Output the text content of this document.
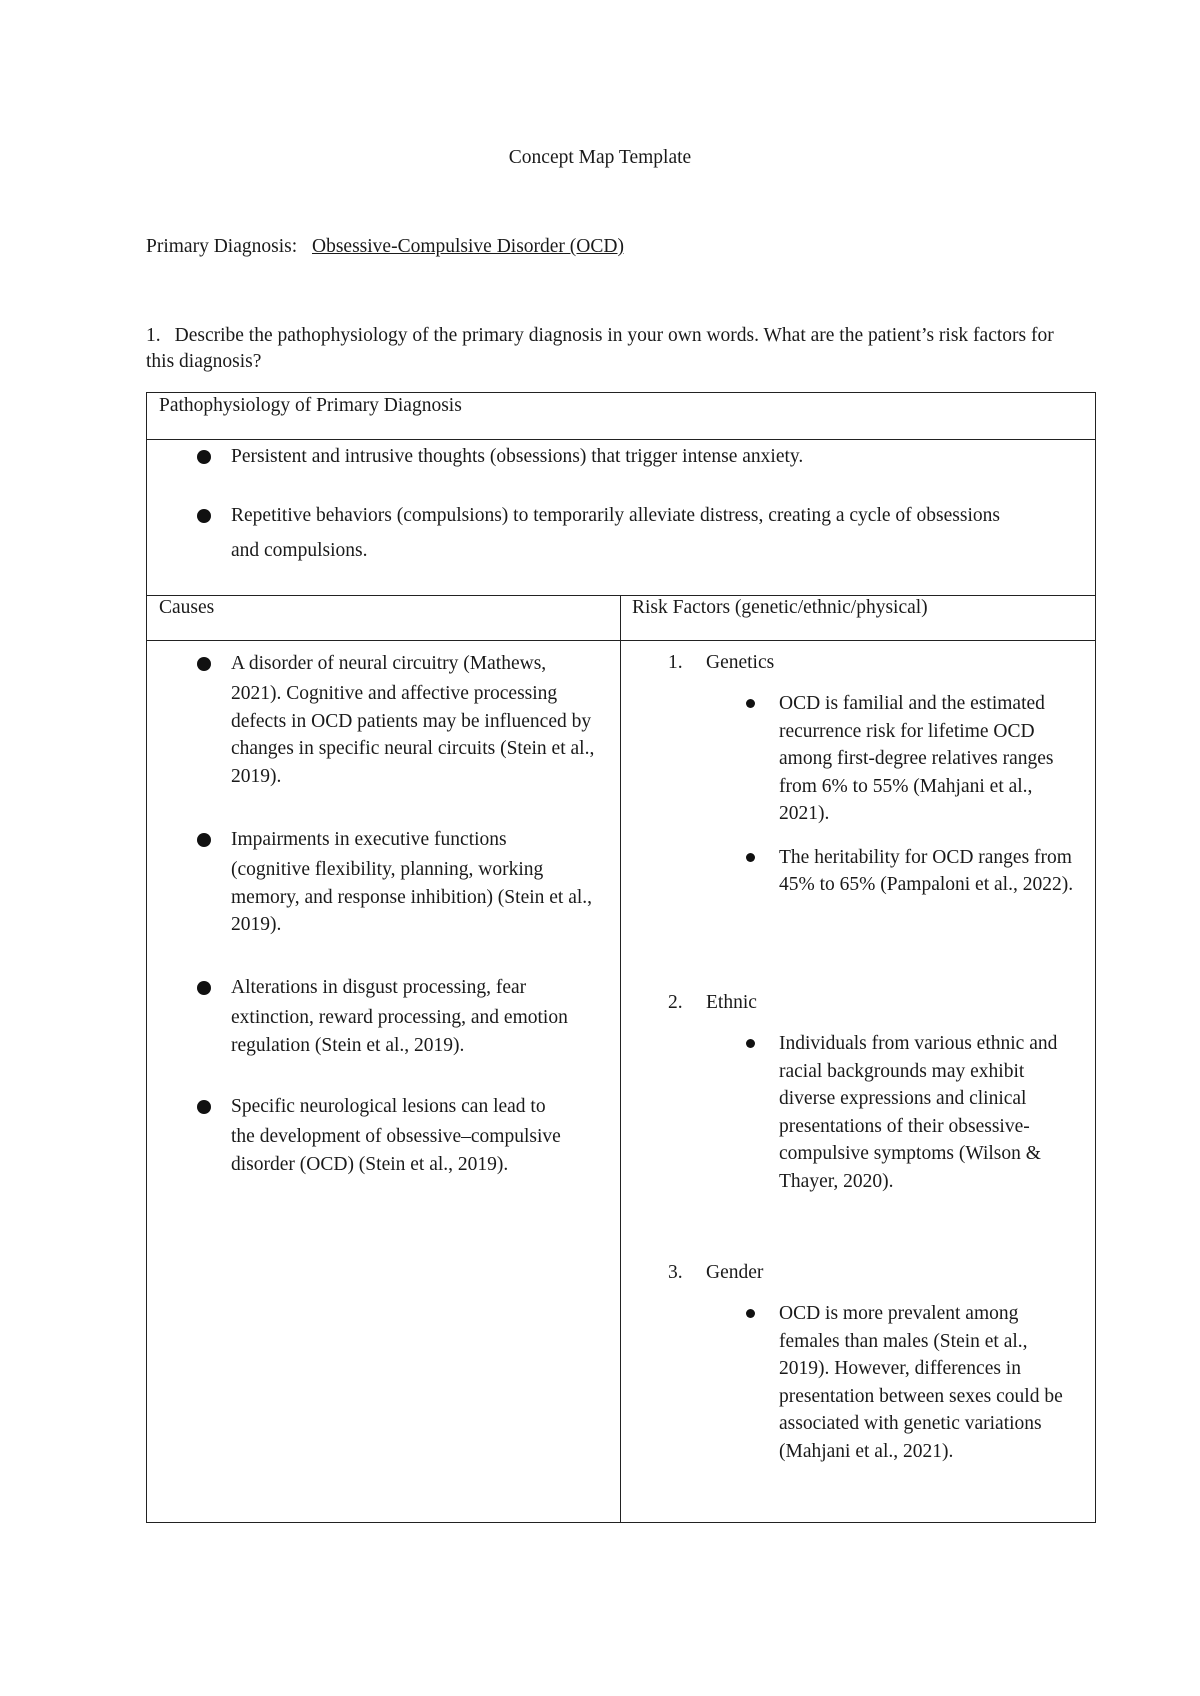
Concept Map Template
Primary Diagnosis: Obsessive-Compulsive Disorder (OCD)
1. Describe the pathophysiology of the primary diagnosis in your own words. What are the patient’s risk factors for this diagnosis?
Pathophysiology of Primary Diagnosis
Persistent and intrusive thoughts (obsessions) that trigger intense anxiety.
Repetitive behaviors (compulsions) to temporarily alleviate distress, creating a cycle of obsessions and compulsions.
Causes	Risk Factors (genetic/ethnic/physical)
A disorder of neural circuitry (Mathews,
2021). Cognitive and affective processing defects in OCD patients may be influenced by changes in specific neural circuits (Stein et al., 2019).
Impairments in executive functions
(cognitive flexibility, planning, working memory, and response inhibition) (Stein et al., 2019).
Alterations in disgust processing, fear
extinction, reward processing, and emotion regulation (Stein et al., 2019).
Specific neurological lesions can lead to
the development of obsessive–compulsive disorder (OCD) (Stein et al., 2019).
1.	Genetics
OCD is familial and the estimated recurrence risk for lifetime OCD among first-degree relatives ranges from 6% to 55% (Mahjani et al., 2021).
The heritability for OCD ranges from 45% to 65% (Pampaloni et al., 2022).
2.	Ethnic
Individuals from various ethnic and racial backgrounds may exhibit diverse expressions and clinical presentations of their obsessive-compulsive symptoms (Wilson & Thayer, 2020).
3.	Gender
OCD is more prevalent among females than males (Stein et al., 2019). However, differences in presentation between sexes could be associated with genetic variations (Mahjani et al., 2021).
